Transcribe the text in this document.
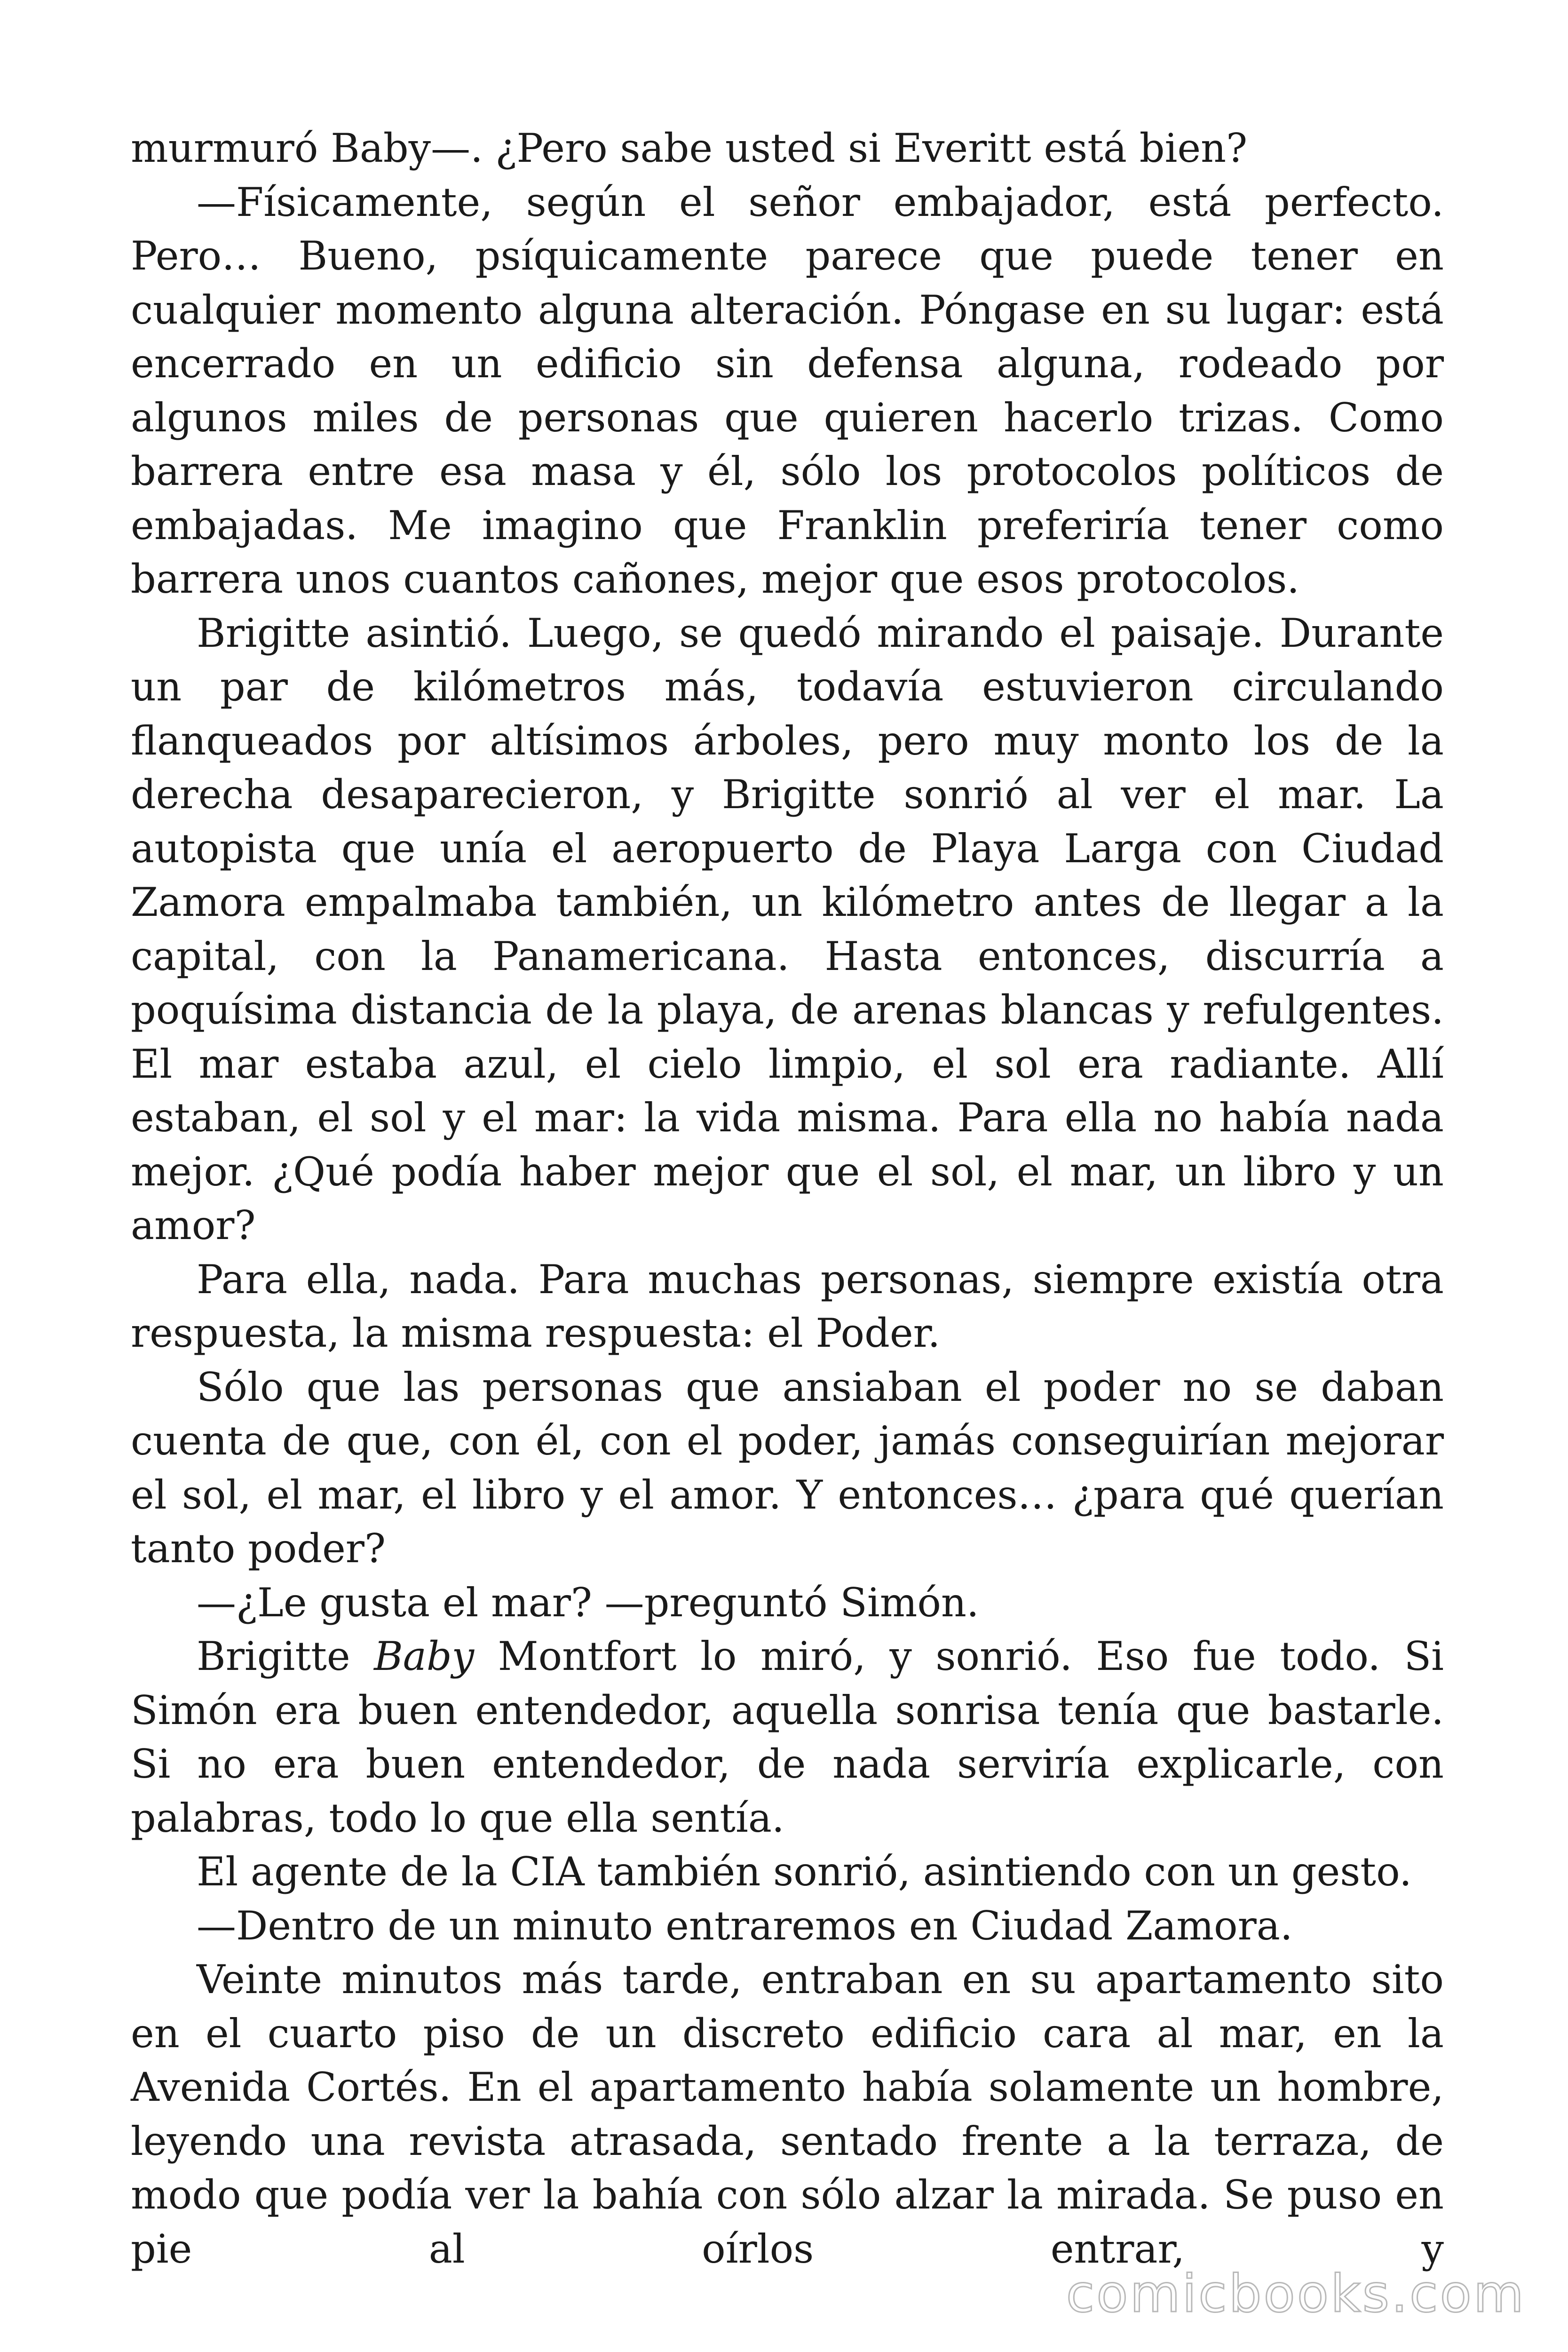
murmuró Baby—. ¿Pero sabe usted si Everitt está bien?

—Físicamente, según el señor embajador, está perfecto. Pero… Bueno, psíquicamente parece que puede tener en cualquier momento alguna alteración. Póngase en su lugar: está encerrado en un edificio sin defensa alguna, rodeado por algunos miles de personas que quieren hacerlo trizas. Como barrera entre esa masa y él, sólo los protocolos políticos de embajadas. Me imagino que Franklin preferiría tener como barrera unos cuantos cañones, mejor que esos protocolos.

Brigitte asintió. Luego, se quedó mirando el paisaje. Durante un par de kilómetros más, todavía estuvieron circulando flanqueados por altísimos árboles, pero muy monto los de la derecha desaparecieron, y Brigitte sonrió al ver el mar. La autopista que unía el aeropuerto de Playa Larga con Ciudad Zamora empalmaba también, un kilómetro antes de llegar a la capital, con la Panamericana. Hasta entonces, discurría a poquísima distancia de la playa, de arenas blancas y refulgentes. El mar estaba azul, el cielo limpio, el sol era radiante. Allí estaban, el sol y el mar: la vida misma. Para ella no había nada mejor. ¿Qué podía haber mejor que el sol, el mar, un libro y un amor?

Para ella, nada. Para muchas personas, siempre existía otra respuesta, la misma respuesta: el Poder.

Sólo que las personas que ansiaban el poder no se daban cuenta de que, con él, con el poder, jamás conseguirían mejorar el sol, el mar, el libro y el amor. Y entonces… ¿para qué querían tanto poder?

—¿Le gusta el mar? —preguntó Simón.

Brigitte Baby Montfort lo miró, y sonrió. Eso fue todo. Si Simón era buen entendedor, aquella sonrisa tenía que bastarle. Si no era buen entendedor, de nada serviría explicarle, con palabras, todo lo que ella sentía.

El agente de la CIA también sonrió, asintiendo con un gesto.

—Dentro de un minuto entraremos en Ciudad Zamora.

Veinte minutos más tarde, entraban en su apartamento sito en el cuarto piso de un discreto edificio cara al mar, en la Avenida Cortés. En el apartamento había solamente un hombre, leyendo una revista atrasada, sentado frente a la terraza, de modo que podía ver la bahía con sólo alzar la mirada. Se puso en pie al oírlos entrar, y

comicbooks.com
